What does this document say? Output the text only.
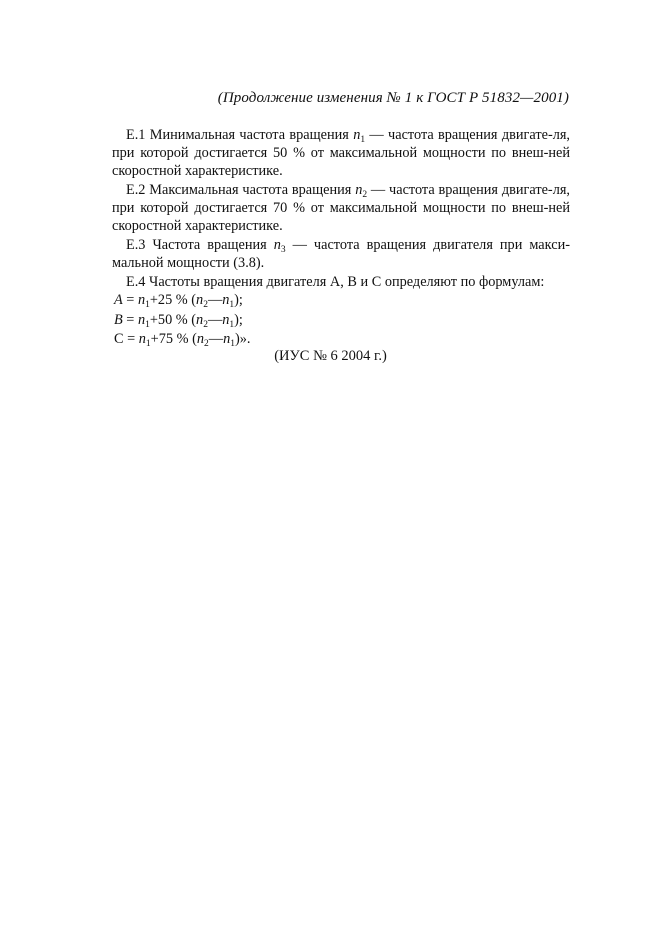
(Продолжение изменения № 1 к ГОСТ Р 51832—2001)

Е.1 Минимальная частота вращения $n_1$ — частота вращения двигате-ля, при которой достигается 50 % от максимальной мощности по внеш-ней скоростной характеристике.

Е.2 Максимальная частота вращения $n_2$ — частота вращения двигате-ля, при которой достигается 70 % от максимальной мощности по внеш-ней скоростной характеристике.

Е.3 Частота вращения $n_3$ — частота вращения двигателя при макси-мальной мощности (3.8).

Е.4 Частоты вращения двигателя А, В и С определяют по формулам:

$A = n_1+25$ % $(n_2—n_1)$;

$B = n_1+50$ % $(n_2—n_1)$;

$С = n_1+75$ % $(n_2—n_1)$».

(ИУС № 6 2004 г.)
